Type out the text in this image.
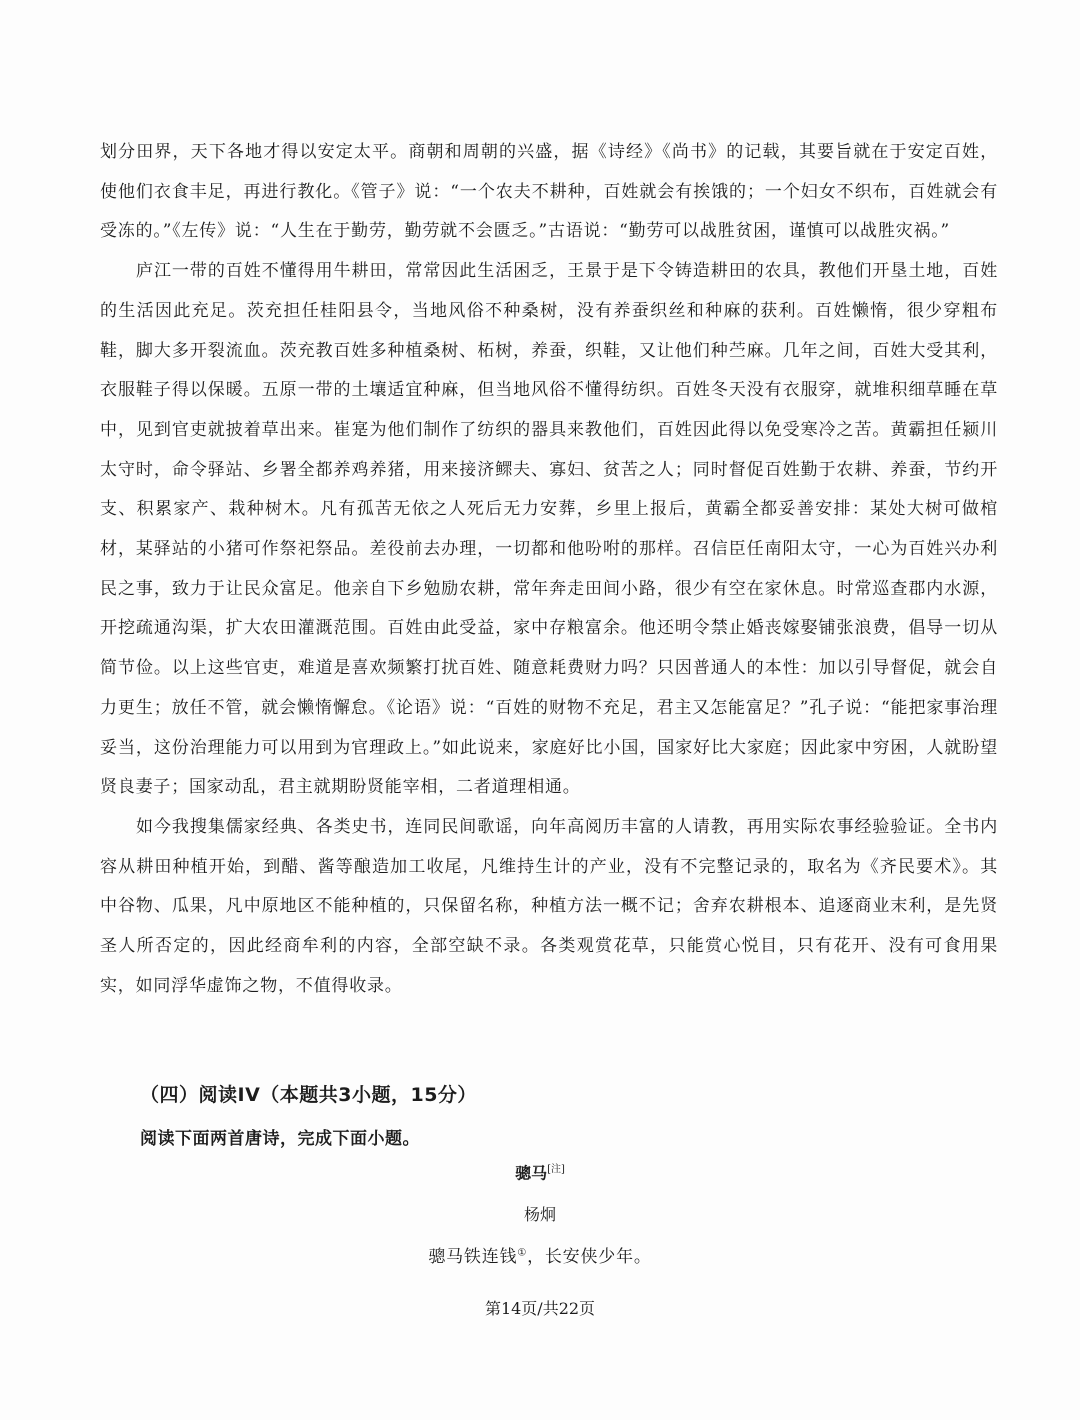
划分田界，天下各地才得以安定太平。商朝和周朝的兴盛，据《诗经》《尚书》的记载，其要旨就在于安定百姓，使他们衣食丰足，再进行教化。《管子》说：“一个农夫不耕种，百姓就会有挨饿的；一个妇女不织布，百姓就会有受冻的。”《左传》说：“人生在于勤劳，勤劳就不会匮乏。”古语说：“勤劳可以战胜贫困，谨慎可以战胜灾祸。”

庐江一带的百姓不懂得用牛耕田，常常因此生活困乏，王景于是下令铸造耕田的农具，教他们开垦土地，百姓的生活因此充足。茨充担任桂阳县令，当地风俗不种桑树，没有养蚕织丝和种麻的获利。百姓懒惰，很少穿粗布鞋，脚大多开裂流血。茨充教百姓多种植桑树、柘树，养蚕，织鞋，又让他们种苎麻。几年之间，百姓大受其利，衣服鞋子得以保暖。五原一带的土壤适宜种麻，但当地风俗不懂得纺织。百姓冬天没有衣服穿，就堆积细草睡在草中，见到官吏就披着草出来。崔寔为他们制作了纺织的器具来教他们，百姓因此得以免受寒冷之苦。黄霸担任颍川太守时，命令驿站、乡署全都养鸡养猪，用来接济鳏夫、寡妇、贫苦之人；同时督促百姓勤于农耕、养蚕，节约开支、积累家产、栽种树木。凡有孤苦无依之人死后无力安葬，乡里上报后，黄霸全都妥善安排：某处大树可做棺材，某驿站的小猪可作祭祀祭品。差役前去办理，一切都和他吩咐的那样。召信臣任南阳太守，一心为百姓兴办利民之事，致力于让民众富足。他亲自下乡勉励农耕，常年奔走田间小路，很少有空在家休息。时常巡查郡内水源，开挖疏通沟渠，扩大农田灌溉范围。百姓由此受益，家中存粮富余。他还明令禁止婚丧嫁娶铺张浪费，倡导一切从简节俭。以上这些官吏，难道是喜欢频繁打扰百姓、随意耗费财力吗？只因普通人的本性：加以引导督促，就会自力更生；放任不管，就会懒惰懈怠。《论语》说：“百姓的财物不充足，君主又怎能富足？”孔子说：“能把家事治理妥当，这份治理能力可以用到为官理政上。”如此说来，家庭好比小国，国家好比大家庭；因此家中穷困，人就盼望贤良妻子；国家动乱，君主就期盼贤能宰相，二者道理相通。

如今我搜集儒家经典、各类史书，连同民间歌谣，向年高阅历丰富的人请教，再用实际农事经验验证。全书内容从耕田种植开始，到醋、酱等酿造加工收尾，凡维持生计的产业，没有不完整记录的，取名为《齐民要术》。其中谷物、瓜果，凡中原地区不能种植的，只保留名称，种植方法一概不记；舍弃农耕根本、追逐商业末利，是先贤圣人所否定的，因此经商牟利的内容，全部空缺不录。各类观赏花草，只能赏心悦目，只有花开、没有可食用果实，如同浮华虚饰之物，不值得收录。

（四）阅读IV（本题共3小题，15分）

阅读下面两首唐诗，完成下面小题。

骢马[注]

杨炯

骢马铁连钱①，长安侠少年。

第14页/共22页
